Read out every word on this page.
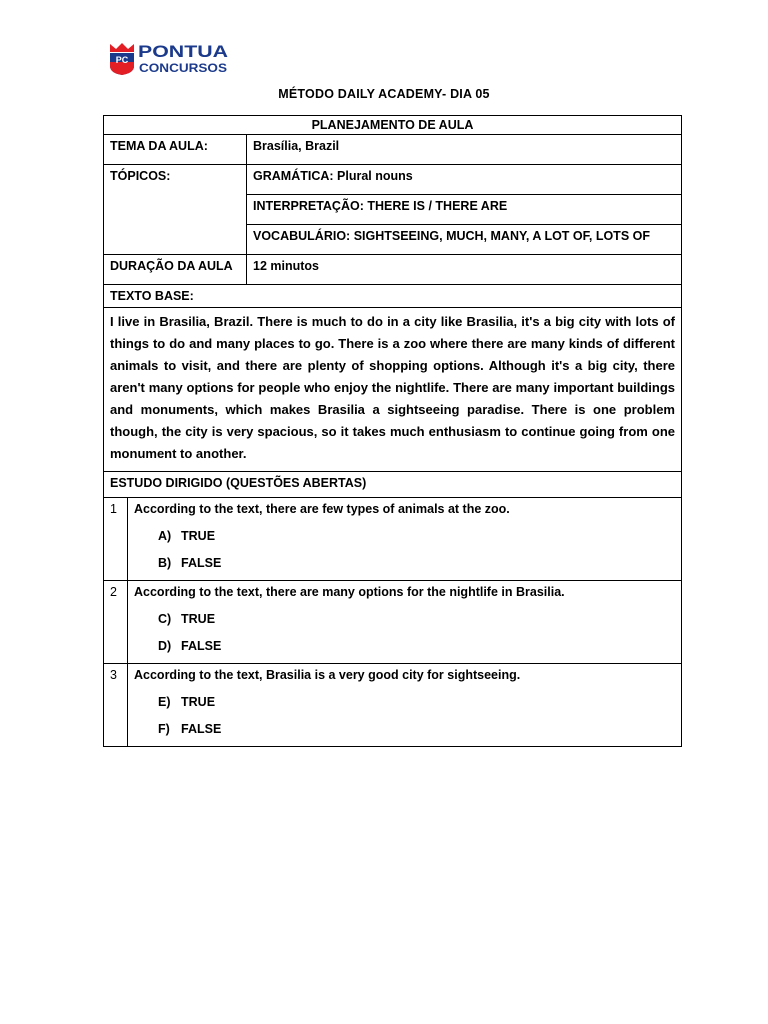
PC PONTUA
CONCURSOS
MÉTODO DAILY ACADEMY- DIA 05
PLANEJAMENTO DE AULA		
TEMA DA AULA:		Brasília, Brazil
TÓPICOS:		GRAMÁTICA: Plural nouns
		INTERPRETAÇÃO: THERE IS / THERE ARE
		VOCABULÁRIO: SIGHTSEEING, MUCH, MANY, A LOT OF, LOTS OF
DURAÇÃO DA AULA		12 minutos
TEXTO BASE:		
I live in Brasilia, Brazil. There is much to do in a city like Brasilia, it's a big city with lots of things to do and many places to go. There is a zoo where there are many kinds of different animals to visit, and there are plenty of shopping options. Although it's a big city, there aren't many options for people who enjoy the nightlife. There are many important buildings and monuments, which makes Brasilia a sightseeing paradise. There is one problem though, the city is very spacious, so it takes much enthusiasm to continue going from one monument to another.		
ESTUDO DIRIGIDO (QUESTÕES ABERTAS)		

1	According to the text, there are few types of animals at the zoo.
A) TRUE
B) FALSE	

2	According to the text, there are many options for the nightlife in Brasilia.
C) TRUE
D) FALSE	

3	According to the text, Brasilia is a very good city for sightseeing.
E) TRUE
F) FALSE	
